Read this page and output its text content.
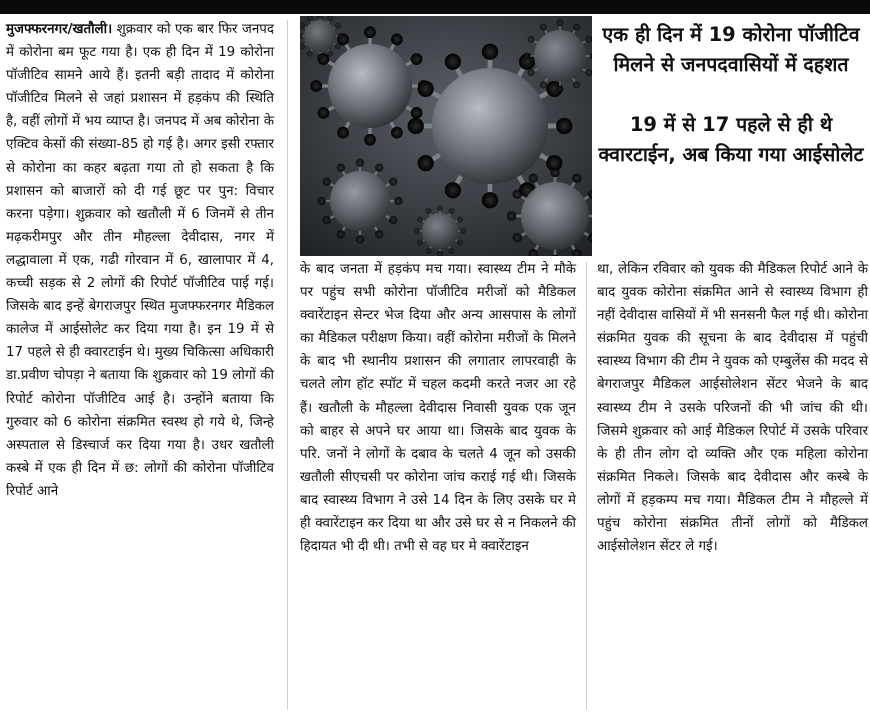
मुजफ्फरनगर/खतौली। शुक्रवार को एक बार फिर जनपद में कोरोना बम फूट गया है। एक ही दिन में 19 कोरोना पॉजीटिव सामने आये हैं। इतनी बड़ी तादाद में कोरोना पॉजीटिव मिलने से जहां प्रशासन में हड़कंप की स्थिति है, वहीं लोगों में भय व्याप्त है। जनपद में अब कोरोना के एक्टिव केसों की संख्या-85 हो गई है। अगर इसी रफ्तार से कोरोना का कहर बढ़ता गया तो हो सकता है कि प्रशासन को बाजारों को दी गई छूट पर पुन: विचार करना पड़ेगा। शुक्रवार को खतौली में 6 जिनमें से तीन मढ़करीमपुर और तीन मौहल्ला देवीदास, नगर में लद्धावाला में एक, गढी गोरवान में 6, खालापार में 4, कच्ची सड़क से 2 लोगों की रिपोर्ट पॉजीटिव पाई गई। जिसके बाद इन्हें बेगराजपुर स्थित मुजफ्फरनगर मैडिकल कालेज में आईसोलेट कर दिया गया है। इन 19 में से 17 पहले से ही क्वारटाईन थे। मुख्य चिकित्सा अधिकारी डा.प्रवीण चोपड़ा ने बताया कि शुक्रवार को 19 लोगों की रिपोर्ट कोरोना पॉजीटिव आई है। उन्होंने बताया कि गुरुवार को 6 कोरोना संक्रमित स्वस्थ हो गये थे, जिन्हे अस्पताल से डिस्चार्ज कर दिया गया है। उधर खतौली कस्बे में एक ही दिन में छ: लोगों की कोरोना पॉजीटिव रिपोर्ट आने
एक ही दिन में 19 कोरोना पॉजीटिव मिलने से जनपदवासियों में दहशत
19 में से 17 पहले से ही थे क्वारटाईन, अब किया गया आईसोलेट
के बाद जनता में हड़कंप मच गया। स्वास्थ्य टीम ने मौके पर पहुंच सभी कोरोना पॉजीटिव मरीजों को मैडिकल क्वारेंटाइन सेन्टर भेज दिया और अन्य आसपास के लोगों का मैडिकल परीक्षण किया। वहीं कोरोना मरीजों के मिलने के बाद भी स्थानीय प्रशासन की लगातार लापरवाही के चलते लोग हॉट स्पॉट में चहल कदमी करते नजर आ रहे हैं। खतौली के मौहल्ला देवीदास निवासी युवक एक जून को बाहर से अपने घर आया था। जिसके बाद युवक के परि. जनों ने लोगों के दबाव के चलते 4 जून को उसकी खतौली सीएचसी पर कोरोना जांच कराई गई थी। जिसके बाद स्वास्थ्य विभाग ने उसे 14 दिन के लिए उसके घर मे ही क्वारेंटाइन कर दिया था और उसे घर से न निकलने की हिदायत भी दी थी। तभी से वह घर मे क्वारेंटाइन
था, लेकिन रविवार को युवक की मैडिकल रिपोर्ट आने के बाद युवक कोरोना संक्रमित आने से स्वास्थ्य विभाग ही नहीं देवीदास वासियों में भी सनसनी फैल गई थी। कोरोना संक्रमित युवक की सूचना के बाद देवीदास में पहुंची स्वास्थ्य विभाग की टीम ने युवक को एम्बुलेंस की मदद से बेगराजपुर मैडिकल आईसोलेशन सेंटर भेजने के बाद स्वास्थ्य टीम ने उसके परिजनों की भी जांच की थी। जिसमे शुक्रवार को आई मैडिकल रिपोर्ट में उसके परिवार के ही तीन लोग दो व्यक्ति और एक महिला कोरोना संक्रमित निकले। जिसके बाद देवीदास और कस्बे के लोगों में हड़कम्प मच गया। मैडिकल टीम ने मौहल्ले में पहुंच कोरोना संक्रमित तीनों लोगों को मैडिकल आईसोलेशन सेंटर ले गई।
